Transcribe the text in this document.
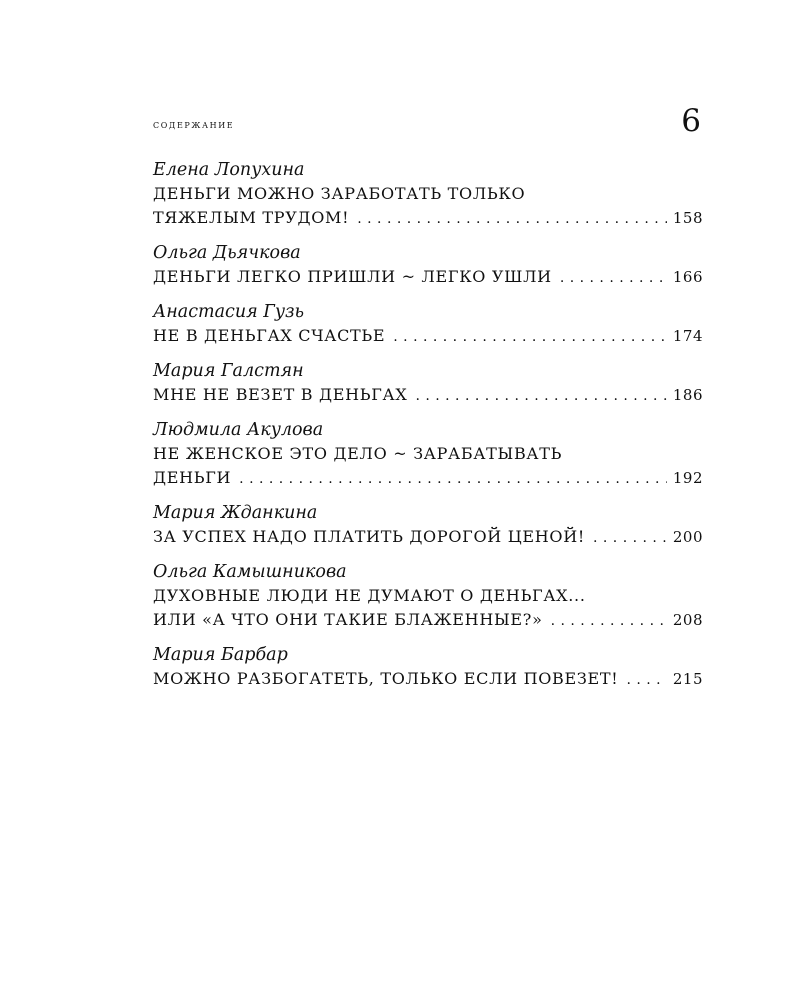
содержание	6
Елена Лопухина
ДЕНЬГИ МОЖНО ЗАРАБОТАТЬ ТОЛЬКО
ТЯЖЕЛЫМ ТРУДОМ! . . .	158
Ольга Дьячкова
ДЕНЬГИ ЛЕГКО ПРИШЛИ ~ ЛЕГКО УШЛИ . . .	166
Анастасия Гузь
НЕ В ДЕНЬГАХ СЧАСТЬЕ . . .	174
Мария Галстян
МНЕ НЕ ВЕЗЕТ В ДЕНЬГАХ . . .	186
Людмила Акулова
НЕ ЖЕНСКОЕ ЭТО ДЕЛО ~ ЗАРАБАТЫВАТЬ
ДЕНЬГИ . . .	192
Мария Жданкина
ЗА УСПЕХ НАДО ПЛАТИТЬ ДОРОГОЙ ЦЕНОЙ! . . .	200
Ольга Камышникова
ДУХОВНЫЕ ЛЮДИ НЕ ДУМАЮТ О ДЕНЬГАХ...
ИЛИ «А ЧТО ОНИ ТАКИЕ БЛАЖЕННЫЕ?» . . .	208
Мария Барбар
МОЖНО РАЗБОГАТЕТЬ, ТОЛЬКО ЕСЛИ ПОВЕЗЕТ! . . .	215
